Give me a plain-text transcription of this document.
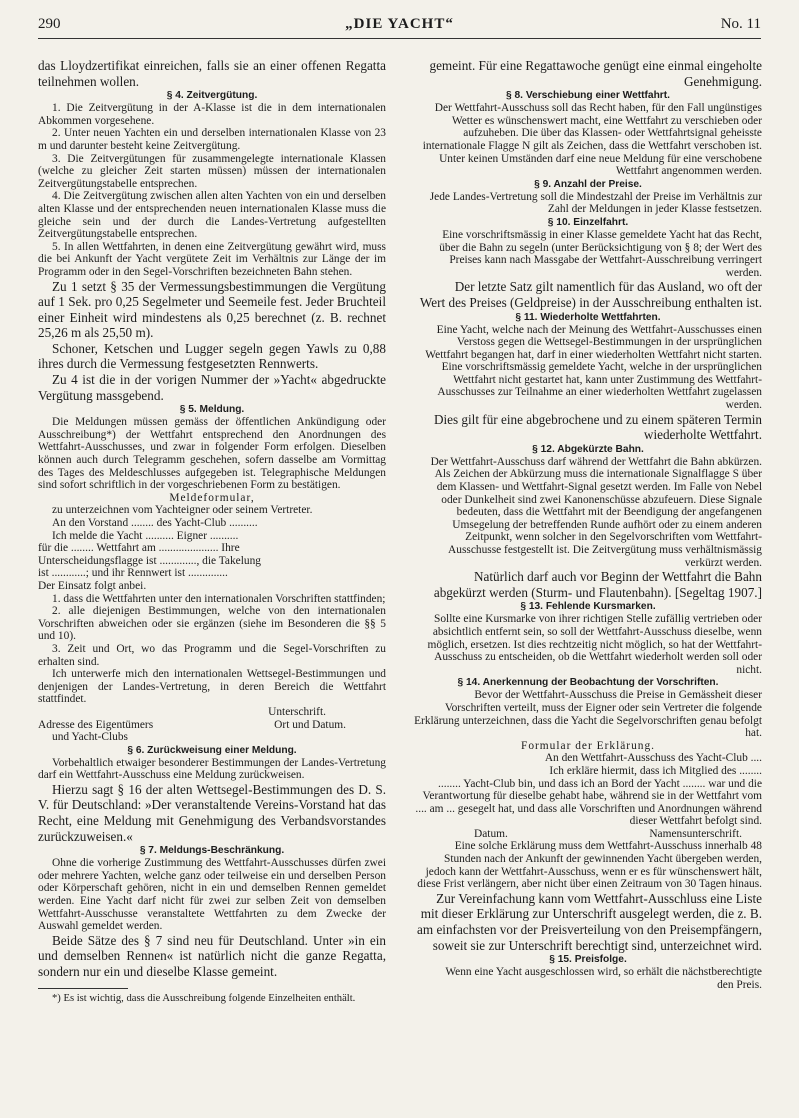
290	„DIE YACHT“	No. 11

das Lloydzertifikat einreichen, falls sie an einer offenen Regatta teilnehmen wollen.

§ 4. Zeitvergütung.

1. Die Zeitvergütung in der A-Klasse ist die in dem internationalen Abkommen vorgesehene.

2. Unter neuen Yachten ein und derselben internationalen Klasse von 23 m und darunter besteht keine Zeitvergütung.

3. Die Zeitvergütungen für zusammengelegte internationale Klassen (welche zu gleicher Zeit starten müssen) müssen der internationalen Zeitvergütungstabelle entsprechen.

4. Die Zeitvergütung zwischen allen alten Yachten von ein und derselben alten Klasse und der entsprechenden neuen internationalen Klasse muss die gleiche sein und der durch die Landes-Vertretung aufgestellten Zeitvergütungstabelle entsprechen.

5. In allen Wettfahrten, in denen eine Zeitvergütung gewährt wird, muss die bei Ankunft der Yacht vergütete Zeit im Verhältnis zur Länge der im Programm oder in den Segel-Vorschriften bezeichneten Bahn stehen.

Zu 1 setzt § 35 der Vermessungsbestimmungen die Vergütung auf 1 Sek. pro 0,25 Segelmeter und Seemeile fest. Jeder Bruchteil einer Einheit wird mindestens als 0,25 berechnet (z. B. rechnet 25,26 m als 25,50 m).

Schoner, Ketschen und Lugger segeln gegen Yawls zu 0,88 ihres durch die Vermessung festgesetzten Rennwerts.

Zu 4 ist die in der vorigen Nummer der »Yacht« abgedruckte Vergütung massgebend.

§ 5. Meldung.

Die Meldungen müssen gemäss der öffentlichen Ankündigung oder Ausschreibung*) der Wettfahrt entsprechend den Anordnungen des Wettfahrt-Ausschusses, und zwar in folgender Form erfolgen. Dieselben können auch durch Telegramm geschehen, sofern dasselbe am Vormittag des Tages des Meldeschlusses aufgegeben ist. Telegraphische Meldungen sind sofort schriftlich in der vorgeschriebenen Form zu bestätigen.

Meldeformular,

zu unterzeichnen vom Yachteigner oder seinem Vertreter.

An den Vorstand ........ des Yacht-Club ..........

Ich melde die Yacht .......... Eigner ..........

für die ........ Wettfahrt am ..................... Ihre

Unterscheidungsflagge ist ............., die Takelung

ist ............; und ihr Rennwert ist ..............

Der Einsatz folgt anbei.

1. dass die Wettfahrten unter den internationalen Vorschriften stattfinden;

2. alle diejenigen Bestimmungen, welche von den internationalen Vorschriften abweichen oder sie ergänzen (siehe im Besonderen die §§ 5 und 10).

3. Zeit und Ort, wo das Programm und die Segel-Vorschriften zu erhalten sind.

Ich unterwerfe mich den internationalen Wettsegel-Bestimmungen und denjenigen der Landes-Vertretung, in deren Bereich die Wettfahrt stattfindet.

Unterschrift.

Adresse des Eigentümers	Ort und Datum.

und Yacht-Clubs

§ 6. Zurückweisung einer Meldung.

Vorbehaltlich etwaiger besonderer Bestimmungen der Landes-Vertretung darf ein Wettfahrt-Ausschuss eine Meldung zurückweisen.

Hierzu sagt § 16 der alten Wettsegel-Bestimmungen des D. S. V. für Deutschland: »Der veranstaltende Vereins-Vorstand hat das Recht, eine Meldung mit Genehmigung des Verbandsvorstandes zurückzuweisen.«

§ 7. Meldungs-Beschränkung.

Ohne die vorherige Zustimmung des Wettfahrt-Ausschusses dürfen zwei oder mehrere Yachten, welche ganz oder teilweise ein und derselben Person oder Körperschaft gehören, nicht in ein und demselben Rennen gemeldet werden. Eine Yacht darf nicht für zwei zur selben Zeit von demselben Wettfahrt-Ausschusse veranstaltete Wettfahrten zu dem Zwecke der Auswahl gemeldet werden.

Beide Sätze des § 7 sind neu für Deutschland. Unter »in ein und demselben Rennen« ist natürlich nicht die ganze Regatta, sondern nur ein und dieselbe Klasse gemeint.

*) Es ist wichtig, dass die Ausschreibung folgende Einzelheiten enthält.

gemeint. Für eine Regattawoche genügt eine einmal eingeholte Genehmigung.

§ 8. Verschiebung einer Wettfahrt.

Der Wettfahrt-Ausschuss soll das Recht haben, für den Fall ungünstiges Wetter es wünschenswert macht, eine Wettfahrt zu verschieben oder aufzuheben. Die über das Klassen- oder Wettfahrtsignal geheisste internationale Flagge N gilt als Zeichen, dass die Wettfahrt verschoben ist.

Unter keinen Umständen darf eine neue Meldung für eine verschobene Wettfahrt angenommen werden.

§ 9. Anzahl der Preise.

Jede Landes-Vertretung soll die Mindestzahl der Preise im Verhältnis zur Zahl der Meldungen in jeder Klasse festsetzen.

§ 10. Einzelfahrt.

Eine vorschriftsmässig in einer Klasse gemeldete Yacht hat das Recht, über die Bahn zu segeln (unter Berücksichtigung von § 8; der Wert des Preises kann nach Massgabe der Wettfahrt-Ausschreibung verringert werden.

Der letzte Satz gilt namentlich für das Ausland, wo oft der Wert des Preises (Geldpreise) in der Ausschreibung enthalten ist.

§ 11. Wiederholte Wettfahrten.

Eine Yacht, welche nach der Meinung des Wettfahrt-Ausschusses einen Verstoss gegen die Wettsegel-Bestimmungen in der ursprünglichen Wettfahrt begangen hat, darf in einer wiederholten Wettfahrt nicht starten.

Eine vorschriftsmässig gemeldete Yacht, welche in der ursprünglichen Wettfahrt nicht gestartet hat, kann unter Zustimmung des Wettfahrt-Ausschusses zur Teilnahme an einer wiederholten Wettfahrt zugelassen werden.

Dies gilt für eine abgebrochene und zu einem späteren Termin wiederholte Wettfahrt.

§ 12. Abgekürzte Bahn.

Der Wettfahrt-Ausschuss darf während der Wettfahrt die Bahn abkürzen. Als Zeichen der Abkürzung muss die internationale Signalflagge S über dem Klassen- und Wettfahrt-Signal gesetzt werden. Im Falle von Nebel oder Dunkelheit sind zwei Kanonenschüsse abzufeuern. Diese Signale bedeuten, dass die Wettfahrt mit der Beendigung der angefangenen Umsegelung der betreffenden Runde aufhört oder zu einem anderen Zeitpunkt, wenn solcher in den Segelvorschriften vom Wettfahrt-Ausschusse festgestellt ist. Die Zeitvergütung muss verhältnismässig verkürzt werden.

Natürlich darf auch vor Beginn der Wettfahrt die Bahn abgekürzt werden (Sturm- und Flautenbahn). [Segeltag 1907.]

§ 13. Fehlende Kursmarken.

Sollte eine Kursmarke von ihrer richtigen Stelle zufällig vertrieben oder absichtlich entfernt sein, so soll der Wettfahrt-Ausschuss dieselbe, wenn möglich, ersetzen. Ist dies rechtzeitig nicht möglich, so hat der Wettfahrt-Ausschuss zu entscheiden, ob die Wettfahrt wiederholt werden soll oder nicht.

§ 14. Anerkennung der Beobachtung der Vorschriften.

Bevor der Wettfahrt-Ausschuss die Preise in Gemässheit dieser Vorschriften verteilt, muss der Eigner oder sein Vertreter die folgende Erklärung unterzeichnen, dass die Yacht die Segelvorschriften genau befolgt hat.

Formular der Erklärung.

An den Wettfahrt-Ausschuss des Yacht-Club ....

Ich erkläre hiermit, dass ich Mitglied des ........

........ Yacht-Club bin, und dass ich an Bord der Yacht ........ war und die Verantwortung für dieselbe gehabt habe, während sie in der Wettfahrt vom .... am ... gesegelt hat, und dass alle Vorschriften und Anordnungen während dieser Wettfahrt befolgt sind.

Datum.	Namensunterschrift.

Eine solche Erklärung muss dem Wettfahrt-Ausschuss innerhalb 48 Stunden nach der Ankunft der gewinnenden Yacht übergeben werden, jedoch kann der Wettfahrt-Ausschuss, wenn er es für wünschenswert hält, diese Frist verlängern, aber nicht über einen Zeitraum von 30 Tagen hinaus.

Zur Vereinfachung kann vom Wettfahrt-Ausschluss eine Liste mit dieser Erklärung zur Unterschrift ausgelegt werden, die z. B. am einfachsten vor der Preisverteilung von den Preisempfängern, soweit sie zur Unterschrift berechtigt sind, unterzeichnet wird.

§ 15. Preisfolge.

Wenn eine Yacht ausgeschlossen wird, so erhält die nächstberechtigte den Preis.
